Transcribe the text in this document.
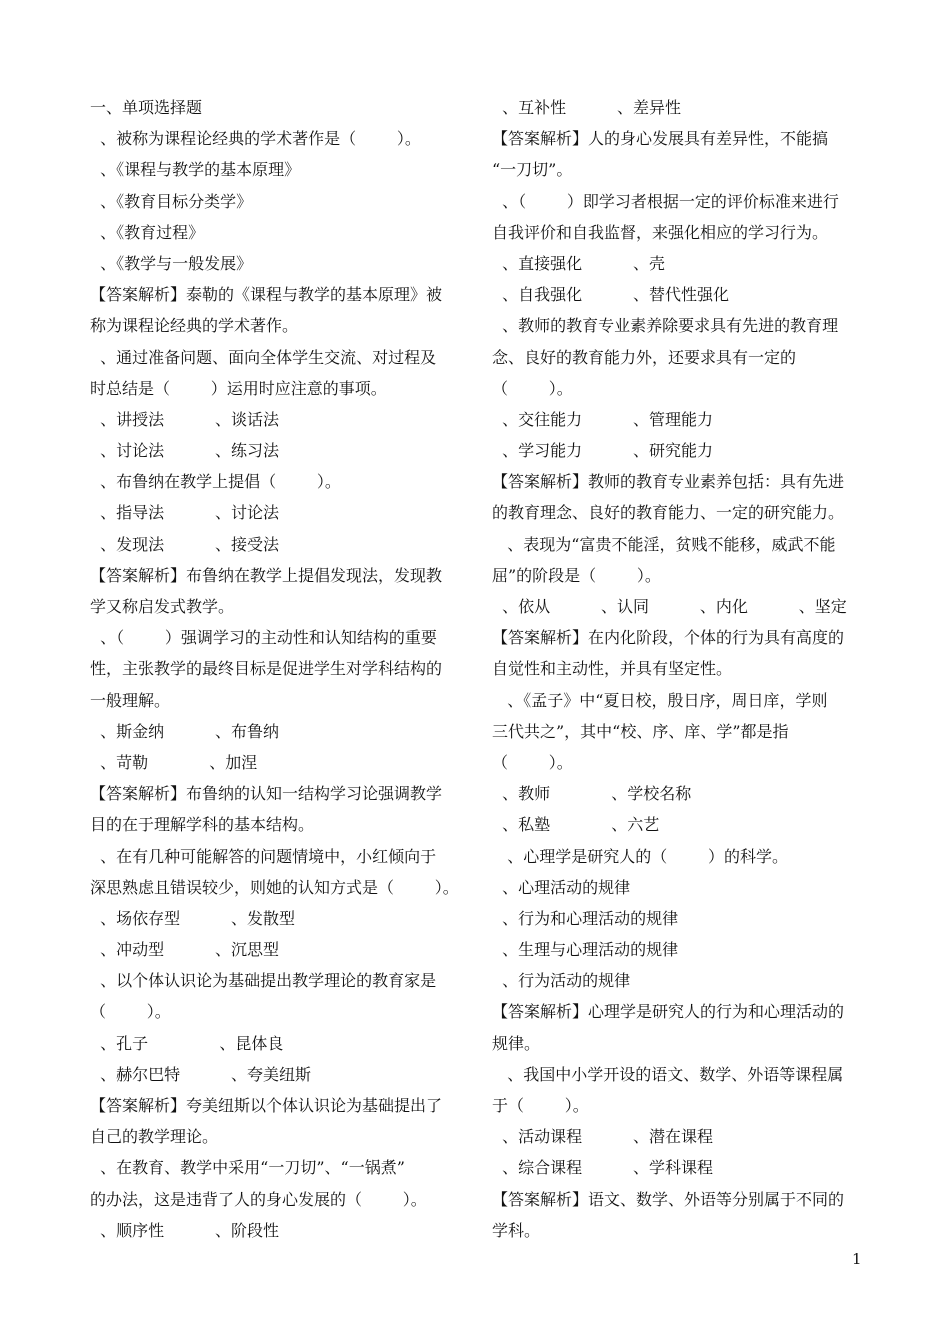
一、单项选择题
、被称为课程论经典的学术著作是（        ）。
、《课程与教学的基本原理》
、《教育目标分类学》
、《教育过程》
、《教学与一般发展》
【答案解析】泰勒的《课程与教学的基本原理》被
称为课程论经典的学术著作。
、通过准备问题、面向全体学生交流、对过程及
时总结是（        ）运用时应注意的事项。
、讲授法          、谈话法
、讨论法          、练习法
、布鲁纳在教学上提倡（        ）。
、指导法          、讨论法
、发现法          、接受法
【答案解析】布鲁纳在教学上提倡发现法，发现教
学又称启发式教学。
、（        ）强调学习的主动性和认知结构的重要
性，主张教学的最终目标是促进学生对学科结构的
一般理解。
、斯金纳          、布鲁纳
、苛勒            、加涅
【答案解析】布鲁纳的认知一结构学习论强调教学
目的在于理解学科的基本结构。
、在有几种可能解答的问题情境中，小红倾向于
深思熟虑且错误较少，则她的认知方式是（        ）。
、场依存型          、发散型
、冲动型          、沉思型
、以个体认识论为基础提出教学理论的教育家是
（        ）。
、孔子              、昆体良
、赫尔巴特          、夸美纽斯
【答案解析】夸美纽斯以个体认识论为基础提出了
自己的教学理论。
、在教育、教学中采用“一刀切”、“一锅煮”
的办法，这是违背了人的身心发展的（        ）。
、顺序性          、阶段性
、互补性          、差异性
【答案解析】人的身心发展具有差异性，不能搞
“一刀切”。
、（        ）即学习者根据一定的评价标准来进行
自我评价和自我监督，来强化相应的学习行为。
、直接强化          、壳
、自我强化          、替代性强化
、教师的教育专业素养除要求具有先进的教育理
念、良好的教育能力外，还要求具有一定的
（        ）。
、交往能力          、管理能力
、学习能力          、研究能力
【答案解析】教师的教育专业素养包括：具有先进
的教育理念、良好的教育能力、一定的研究能力。
、表现为“富贵不能淫，贫贱不能移，威武不能
屈”的阶段是（        ）。
、依从          、认同          、内化          、坚定
【答案解析】在内化阶段，个体的行为具有高度的
自觉性和主动性，并具有坚定性。
、《孟子》中“夏日校，殷日序，周日庠，学则
三代共之”，其中“校、序、庠、学”都是指
（        ）。
、教师            、学校名称
、私塾            、六艺
、心理学是研究人的（        ）的科学。
、心理活动的规律
、行为和心理活动的规律
、生理与心理活动的规律
、行为活动的规律
【答案解析】心理学是研究人的行为和心理活动的
规律。
、我国中小学开设的语文、数学、外语等课程属
于（        ）。
、活动课程          、潜在课程
、综合课程          、学科课程
【答案解析】语文、数学、外语等分别属于不同的
学科。
1
